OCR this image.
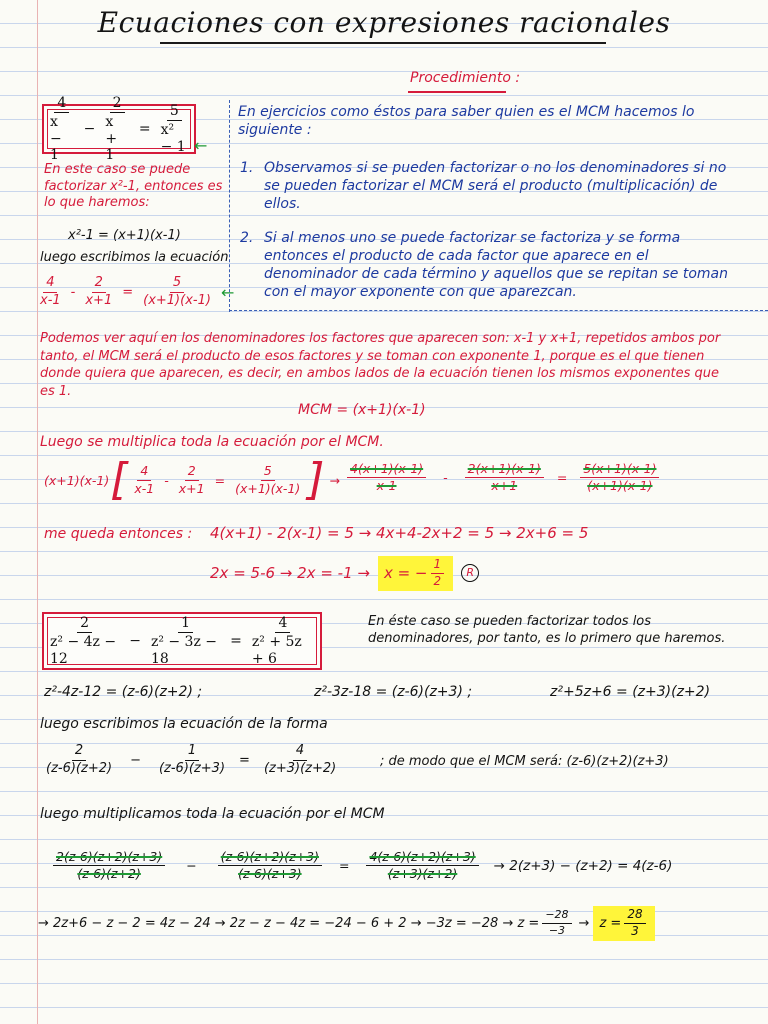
Ecuaciones con expresiones racionales
Procedimiento :
En ejercicios como éstos para saber quien es el MCM hacemos lo siguiente :
1. Observamos si se pueden factorizar o no los denominadores si no se pueden factorizar el MCM será el producto (multiplicación) de ellos.
2. Si al menos uno se puede factorizar se factoriza y se forma entonces el producto de cada factor que aparece en el denominador de cada término y aquellos que se repitan se toman con el mayor exponente con que aparezcan.
$\frac{4}{x - 1} - \frac{2}{x + 1} = \frac{5}{\text{x² − 1}}$ ←
En este caso se puede factorizar x²-1, entonces es lo que haremos:
x²-1 = (x+1)(x-1)
luego escribimos la ecuación
$\frac{4}{x-1} - \frac{2}{x+1} = \frac{5}{(x+1)(x-1)}$ ←
Podemos ver aquí en los denominadores los factores que aparecen son: x-1 y x+1, repetidos ambos por tanto, el MCM será el producto de esos factores y se toman con exponente 1, porque es el que tienen donde quiera que aparecen, es decir, en ambos lados de la ecuación tienen los mismos exponentes que es 1.
MCM = (x+1)(x-1)
Luego se multiplica toda la ecuación por el MCM.
(x+1)(x-1) [ $\frac{4}{x-1} - \frac{2}{x+1} = \frac{5}{(x+1)(x-1)}$ ] → $\frac{4(x+1)(x-1)}{x-1} - \frac{2(x+1)(x-1)}{x+1} = \frac{5(x+1)(x-1)}{(x+1)(x-1)}$
me queda entonces : 4(x+1) - 2(x-1) = 5 → 4x+4-2x+2 = 5 → 2x+6 = 5
2x = 5-6 → 2x = -1 → x = − $\frac{1}{2}$	R
$\frac{2}{\text{z² − 4z − 12}} - \frac{1}{\text{z² − 3z − 18}} = \frac{4}{\text{z² + 5z + 6}}$	En éste caso se pueden factorizar todos los denominadores, por tanto, es lo primero que haremos.
z²-4z-12 = (z-6)(z+2) ;	z²-3z-18 = (z-6)(z+3) ;	z²+5z+6 = (z+3)(z+2)
luego escribimos la ecuación de la forma
$\frac{2}{(z-6)(z+2)} - \frac{1}{(z-6)(z+3)} = \frac{4}{(z+3)(z+2)}$	; de modo que el MCM será: (z-6)(z+2)(z+3)
luego multiplicamos toda la ecuación por el MCM
$\frac{2(z-6)(z+2)(z+3)}{(z-6)(z+2)} - \frac{(z-6)(z+2)(z+3)}{(z-6)(z+3)} = \frac{4(z-6)(z+2)(z+3)}{(z+3)(z+2)} \to 2(z+3) - (z+2) = 4(z-6)$
→ $2z+6 - z - 2 = 4z - 24 \to 2z - z - 4z = -24 - 6 + 2 \to -3z = -28 \to z = \frac{-28}{-3} \to z = \frac{28}{3}$
